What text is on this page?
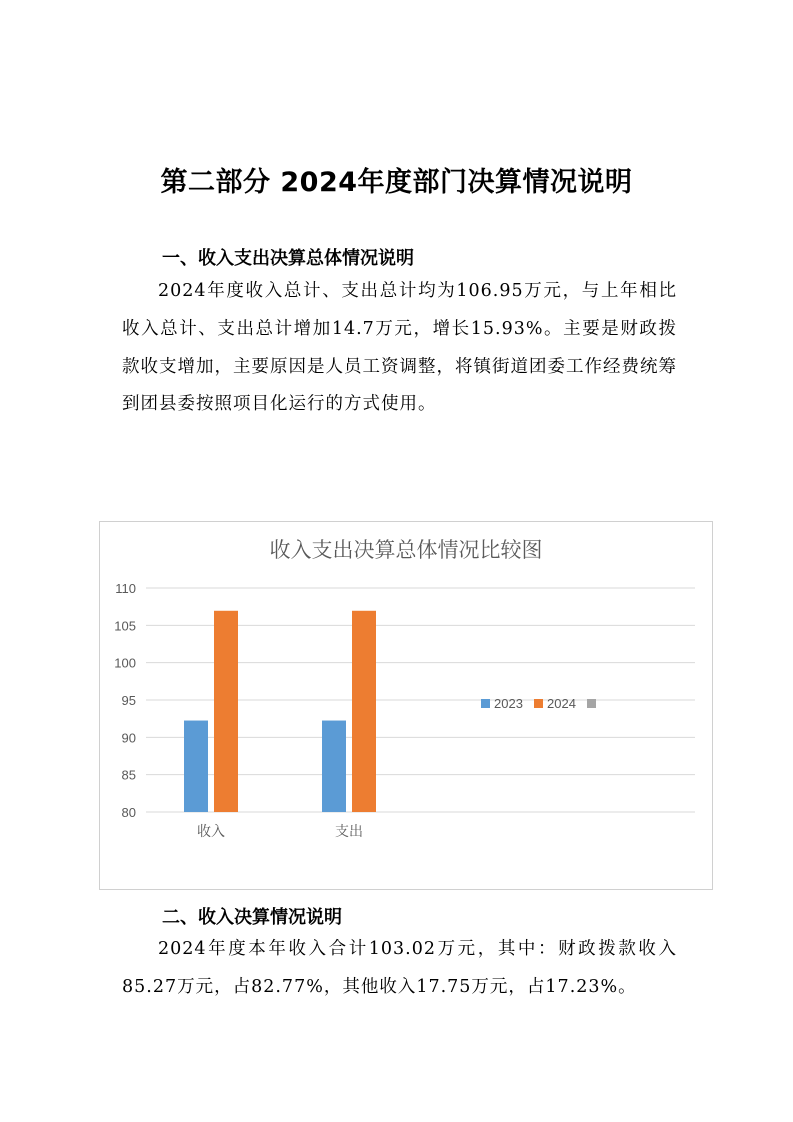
第二部分 2024年度部门决算情况说明
一、收入支出决算总体情况说明
2024年度收入总计、支出总计均为106.95万元，与上年相比收入总计、支出总计增加14.7万元，增长15.93%。主要是财政拨款收支增加，主要原因是人员工资调整，将镇街道团委工作经费统筹到团县委按照项目化运行的方式使用。
收入支出决算总体情况比较图
80
85
90
95
100
105
110
收入	支出
2023 2024
二、收入决算情况说明
2024年度本年收入合计103.02万元，其中：财政拨款收入85.27万元，占82.77%，其他收入17.75万元，占17.23%。
